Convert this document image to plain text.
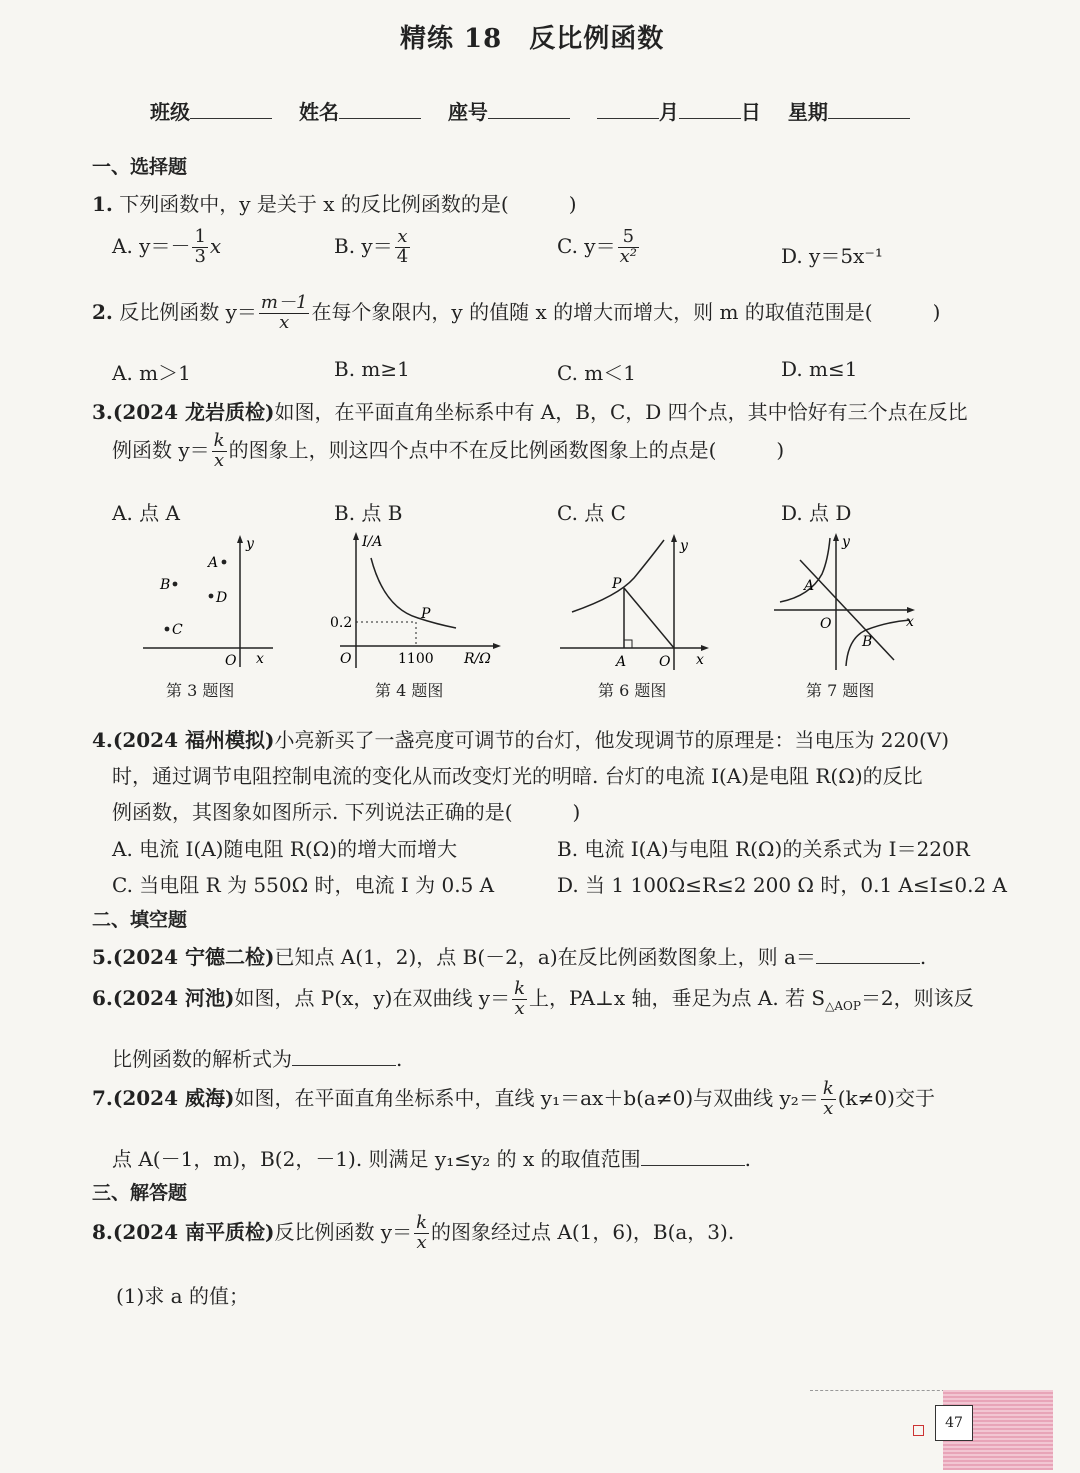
精练 18　反比例函数
班级	姓名	座号	月	日 星期
一、选择题
1. 下列函数中，y 是关于 x 的反比例函数的是(　　　)
A. $y=- \frac{1}{3}$ x	B. $y= \frac{x}{4}$	C. $y= \frac{5}{\text{x²}}$	D. y＝5x⁻¹
2. 反比例函数 $y= \frac{m-1}{x}$ 在每个象限内，y 的值随 x 的增大而增大，则 m 的取值范围是(　　　)
A. m＞1	B. m≥1	C. m＜1	D. m≤1
3.(2024 龙岩质检)如图，在平面直角坐标系中有 A，B，C，D 四个点，其中恰好有三个点在反比
例函数 $y= \frac{k}{x}$ 的图象上，则这四个点中不在反比例函数图象上的点是(　　　)
A. 点 A	B. 点 B	C. 点 C	D. 点 D
y
x
O
A
B
D
C
第 3 题图
I/A
R/Ω
O
0.2
1100
P
第 4 题图
y
x
O
P
A
第 6 题图
y
x
O
A
B
第 7 题图
4.(2024 福州模拟)小亮新买了一盏亮度可调节的台灯，他发现调节的原理是：当电压为 220(V)
时，通过调节电阻控制电流的变化从而改变灯光的明暗. 台灯的电流 I(A)是电阻 R(Ω)的反比
例函数，其图象如图所示. 下列说法正确的是(　　　)
A. 电流 I(A)随电阻 R(Ω)的增大而增大	B. 电流 I(A)与电阻 R(Ω)的关系式为 I＝220R
C. 当电阻 R 为 550Ω 时，电流 I 为 0.5 A	D. 当 1 100Ω≤R≤2 200 Ω 时，0.1 A≤I≤0.2 A
二、填空题
5.(2024 宁德二检)已知点 A(1，2)，点 B(－2，a)在反比例函数图象上，则 a＝	.
6.(2024 河池)如图，点 P(x，y)在双曲线 $y= \frac{k}{x}$ 上，PA⊥x 轴，垂足为点 A. 若 $S_{\triangle AOP}=2$，则该反
比例函数的解析式为	.
7.(2024 威海)如图，在平面直角坐标系中，直线 y₁＝ax＋b(a≠0)与双曲线 $y_2= \frac{k}{x} (k\ne 0)$交于
点 A(－1，m)，B(2，－1). 则满足 y₁≤y₂ 的 x 的取值范围	.
三、解答题
8.(2024 南平质检)反比例函数 $y= \frac{k}{x}$ 的图象经过点 A(1，6)，B(a，3).
(1)求 a 的值；
47
